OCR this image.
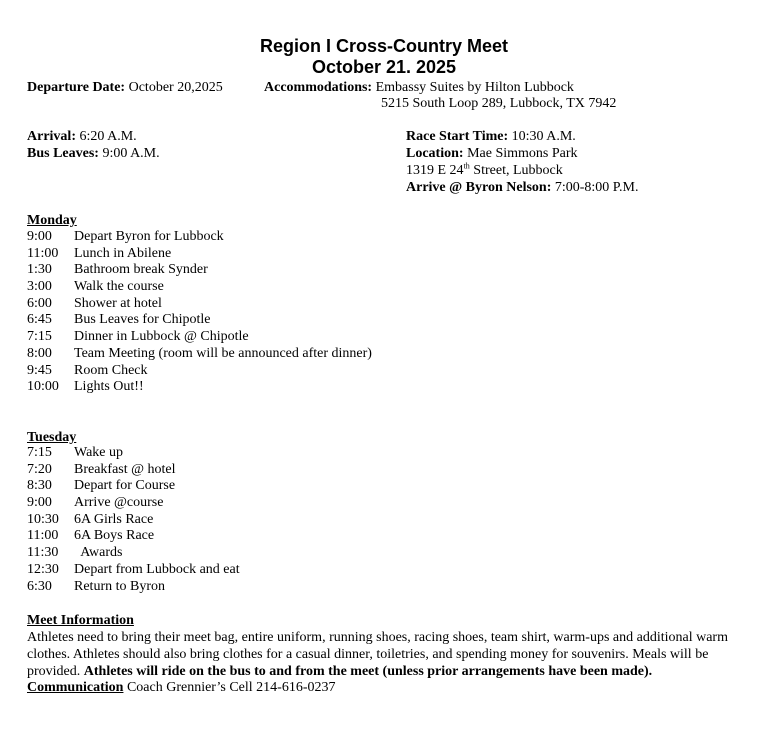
Region I Cross-Country Meet
October 21. 2025
Departure Date: October 20,2025	Accommodations: Embassy Suites by Hilton Lubbock
5215 South Loop 289, Lubbock, TX 7942
Arrival: 6:20 A.M.
Bus Leaves: 9:00 A.M.
Race Start Time: 10:30 A.M.
Location: Mae Simmons Park
1319 E 24th Street, Lubbock
Arrive @ Byron Nelson: 7:00-8:00 P.M.
Monday
9:00 Depart Byron for Lubbock
11:00 Lunch in Abilene
1:30 Bathroom break Synder
3:00 Walk the course
6:00 Shower at hotel
6:45 Bus Leaves for Chipotle
7:15 Dinner in Lubbock @ Chipotle
8:00 Team Meeting (room will be announced after dinner)
9:45 Room Check
10:00 Lights Out!!
Tuesday
7:15 Wake up
7:20 Breakfast @ hotel
8:30 Depart for Course
9:00 Arrive @course
10:30 6A Girls Race
11:00 6A Boys Race
11:30  Awards
12:30 Depart from Lubbock and eat
6:30 Return to Byron
Meet Information
Athletes need to bring their meet bag, entire uniform, running shoes, racing shoes, team shirt, warm-ups and additional warm clothes. Athletes should also bring clothes for a casual dinner, toiletries, and spending money for souvenirs. Meals will be provided. Athletes will ride on the bus to and from the meet (unless prior arrangements have been made).
Communication Coach Grennier’s Cell 214-616-0237
